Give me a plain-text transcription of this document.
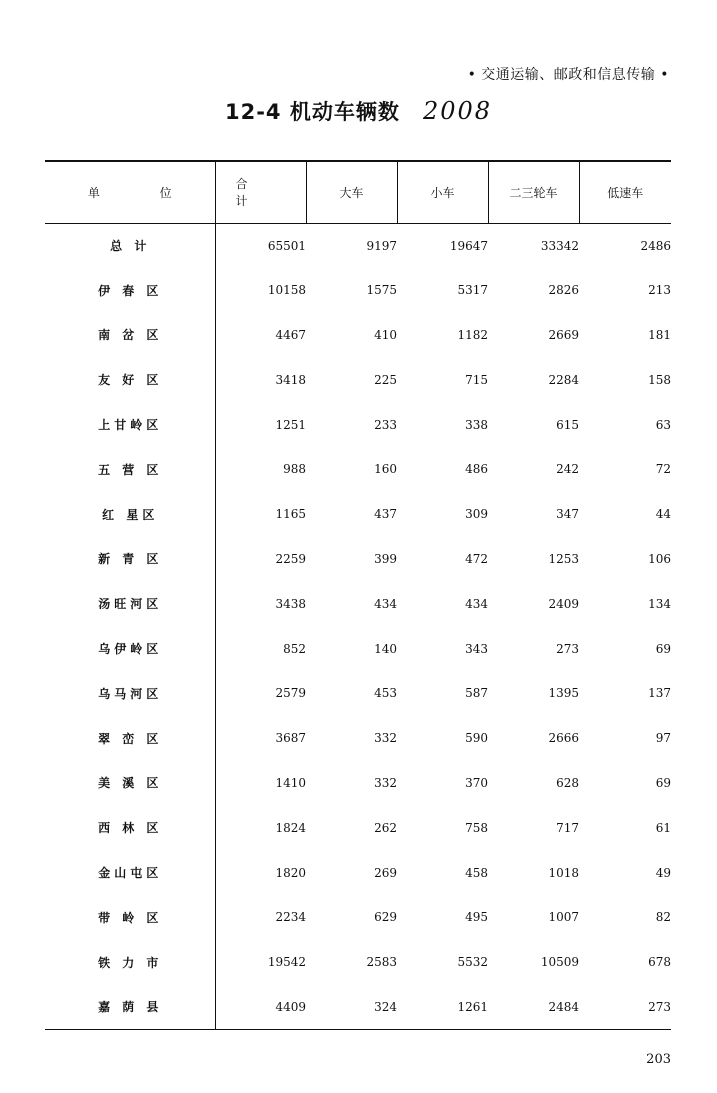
• 交通运输、邮政和信息传输 •
12-4 机动车辆数 2008
单 位	合 计	大车	小车	二三轮车	低速车
总 计	65501	9197	19647	33342	2486
伊 春 区	10158	1575	5317	2826	213
南 岔 区	4467	410	1182	2669	181
友 好 区	3418	225	715	2284	158
上甘岭区	1251	233	338	615	63
五 营 区	988	160	486	242	72
红 星区	1165	437	309	347	44
新 青 区	2259	399	472	1253	106
汤旺河区	3438	434	434	2409	134
乌伊岭区	852	140	343	273	69
乌马河区	2579	453	587	1395	137
翠 峦 区	3687	332	590	2666	97
美 溪 区	1410	332	370	628	69
西 林 区	1824	262	758	717	61
金山屯区	1820	269	458	1018	49
带 岭 区	2234	629	495	1007	82
铁 力 市	19542	2583	5532	10509	678
嘉 荫 县	4409	324	1261	2484	273
203
